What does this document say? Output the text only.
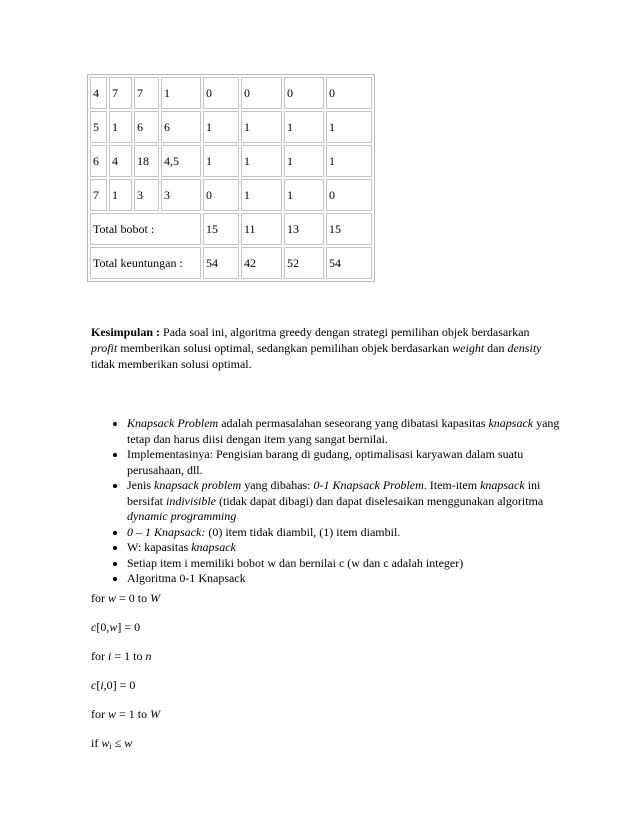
4	7	7	1	0	0	0	0
5	1	6	6	1	1	1	1
6	4	18	4,5	1	1	1	1
7	1	3	3	0	1	1	0
Total bobot :				15	11	13	15
Total keuntungan :				54	42	52	54

Kesimpulan : Pada soal ini, algoritma greedy dengan strategi pemilihan objek berdasarkan profit memberikan solusi optimal, sedangkan pemilihan objek berdasarkan weight dan density tidak memberikan solusi optimal.

• Knapsack Problem adalah permasalahan seseorang yang dibatasi kapasitas knapsack yang tetap dan harus diisi dengan item yang sangat bernilai.
• Implementasinya: Pengisian barang di gudang, optimalisasi karyawan dalam suatu perusahaan, dll.
• Jenis knapsack problem yang dibahas: 0-1 Knapsack Problem. Item-item knapsack ini bersifat indivisible (tidak dapat dibagi) dan dapat diselesaikan menggunakan algoritma dynamic programming
• 0 – 1 Knapsack: (0) item tidak diambil, (1) item diambil.
• W: kapasitas knapsack
• Setiap item i memiliki bobot w dan bernilai c (w dan c adalah integer)
• Algoritma 0-1 Knapsack

for w = 0 to W

c[0,w] = 0

for i = 1 to n

c[i,0] = 0

for w = 1 to W

if $w_i \le w$
